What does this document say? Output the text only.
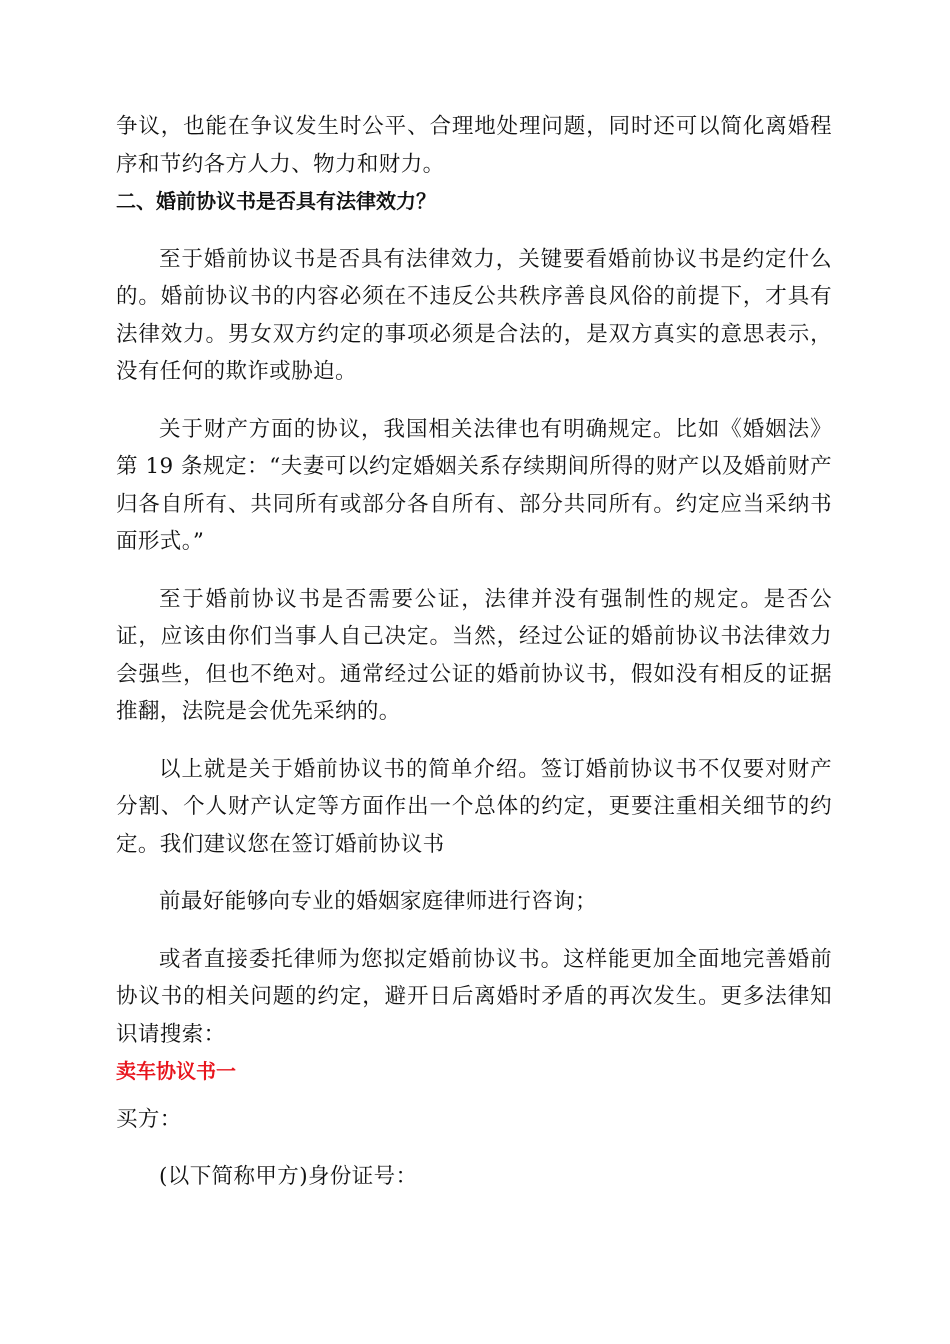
争议，也能在争议发生时公平、合理地处理问题，同时还可以简化离婚程序和节约各方人力、物力和财力。

二、婚前协议书是否具有法律效力？

至于婚前协议书是否具有法律效力，关键要看婚前协议书是约定什么的。婚前协议书的内容必须在不违反公共秩序善良风俗的前提下，才具有法律效力。男女双方约定的事项必须是合法的，是双方真实的意思表示，没有任何的欺诈或胁迫。

关于财产方面的协议，我国相关法律也有明确规定。比如《婚姻法》第 19 条规定：“夫妻可以约定婚姻关系存续期间所得的财产以及婚前财产归各自所有、共同所有或部分各自所有、部分共同所有。约定应当采纳书面形式。”

至于婚前协议书是否需要公证，法律并没有强制性的规定。是否公证，应该由你们当事人自己决定。当然，经过公证的婚前协议书法律效力会强些，但也不绝对。通常经过公证的婚前协议书，假如没有相反的证据推翻，法院是会优先采纳的。

以上就是关于婚前协议书的简单介绍。签订婚前协议书不仅要对财产分割、个人财产认定等方面作出一个总体的约定，更要注重相关细节的约定。我们建议您在签订婚前协议书

前最好能够向专业的婚姻家庭律师进行咨询；

或者直接委托律师为您拟定婚前协议书。这样能更加全面地完善婚前协议书的相关问题的约定，避开日后离婚时矛盾的再次发生。更多法律知识请搜索：

卖车协议书一

买方：

(以下简称甲方)身份证号：
